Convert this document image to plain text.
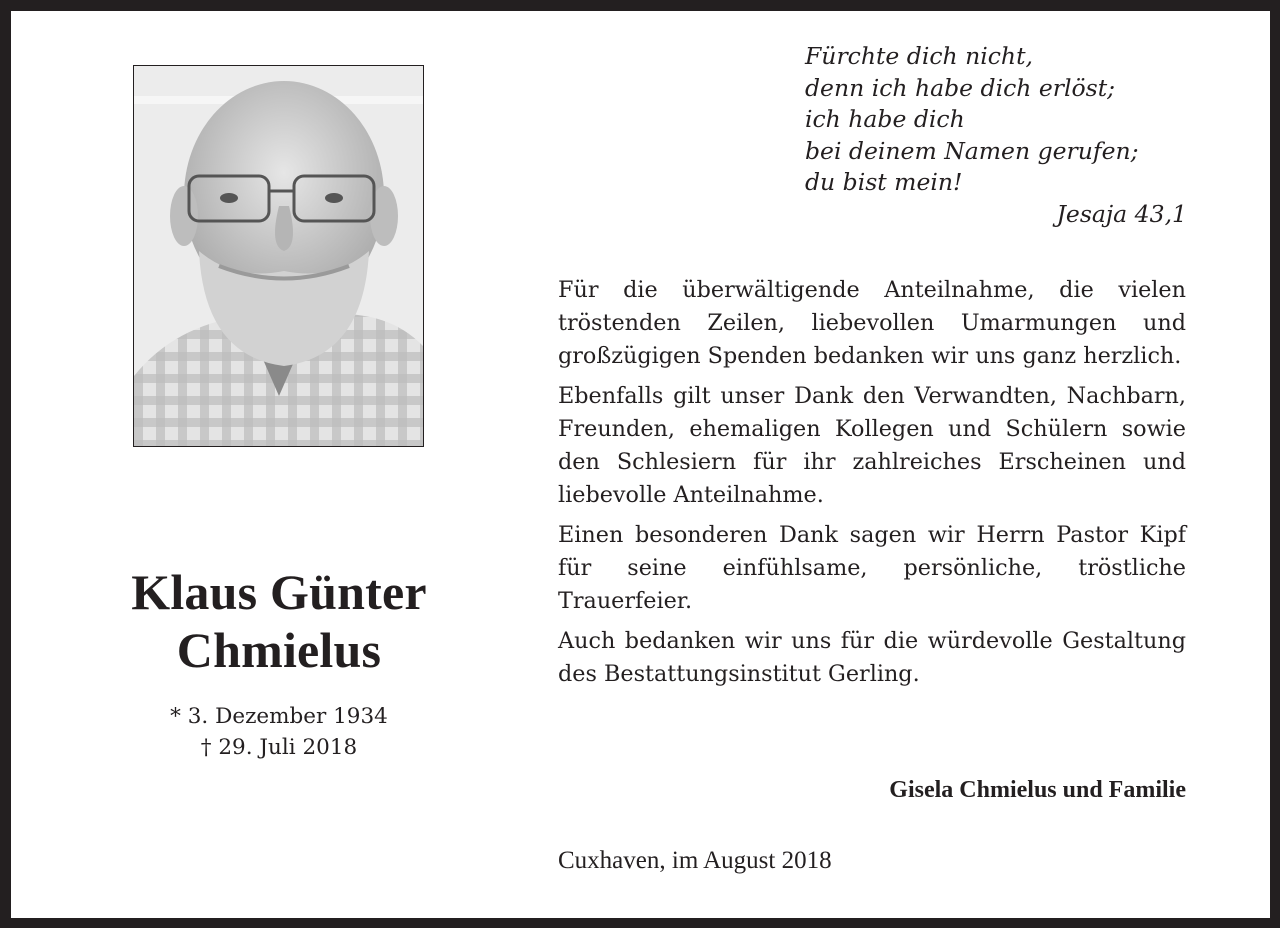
Klaus Günter
Chmielus
* 3. Dezember 1934
† 29. Juli 2018
Fürchte dich nicht,
denn ich habe dich erlöst;
ich habe dich
bei deinem Namen gerufen;
du bist mein!
Jesaja 43,1

Für die überwältigende Anteilnahme, die vielen tröstenden Zeilen, liebevollen Umarmungen und großzügigen Spenden bedanken wir uns ganz herzlich.

Ebenfalls gilt unser Dank den Verwandten, Nachbarn, Freunden, ehemaligen Kollegen und Schülern sowie den Schlesiern für ihr zahlreiches Erscheinen und liebevolle Anteilnahme.

Einen besonderen Dank sagen wir Herrn Pastor Kipf für seine einfühlsame, persönliche, tröstliche Trauerfeier.

Auch bedanken wir uns für die würdevolle Gestaltung des Bestattungsinstitut Gerling.

Gisela Chmielus und Familie
Cuxhaven, im August 2018
